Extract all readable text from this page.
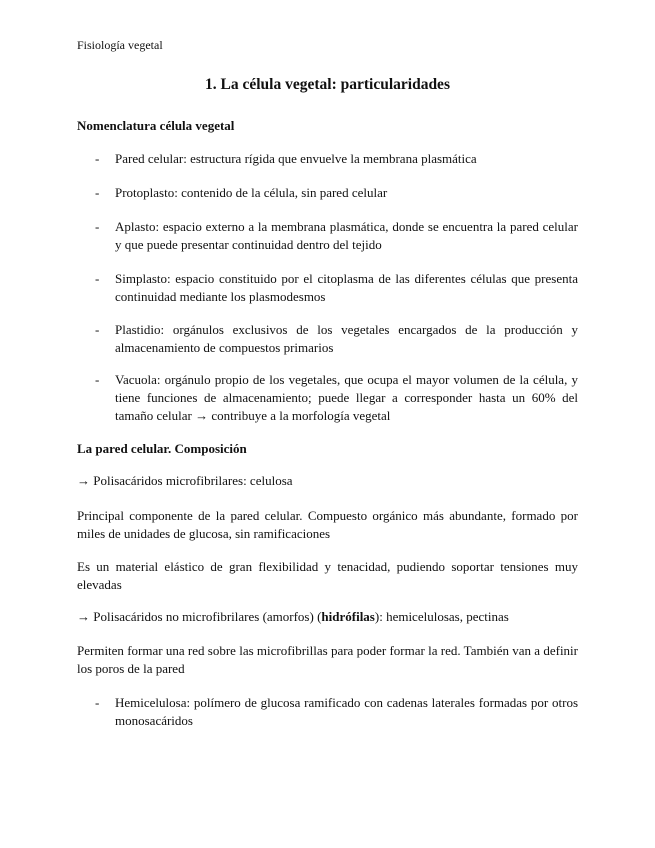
Fisiología vegetal
1. La célula vegetal: particularidades
Nomenclatura célula vegetal
-	Pared celular: estructura rígida que envuelve la membrana plasmática
-	Protoplasto: contenido de la célula, sin pared celular
-	Aplasto: espacio externo a la membrana plasmática, donde se encuentra la pared celular y que puede presentar continuidad dentro del tejido
-	Simplasto: espacio constituido por el citoplasma de las diferentes células que presenta continuidad mediante los plasmodesmos
-	Plastidio: orgánulos exclusivos de los vegetales encargados de la producción y almacenamiento de compuestos primarios
-	Vacuola: orgánulo propio de los vegetales, que ocupa el mayor volumen de la célula, y tiene funciones de almacenamiento; puede llegar a corresponder hasta un 60% del tamaño celular → contribuye a la morfología vegetal
La pared celular. Composición
→ Polisacáridos microfibrilares: celulosa
Principal componente de la pared celular. Compuesto orgánico más abundante, formado por miles de unidades de glucosa, sin ramificaciones
Es un material elástico de gran flexibilidad y tenacidad, pudiendo soportar tensiones muy elevadas
→ Polisacáridos no microfibrilares (amorfos) (hidrófilas): hemicelulosas, pectinas
Permiten formar una red sobre las microfibrillas para poder formar la red. También van a definir los poros de la pared
-	Hemicelulosa: polímero de glucosa ramificado con cadenas laterales formadas por otros monosacáridos
